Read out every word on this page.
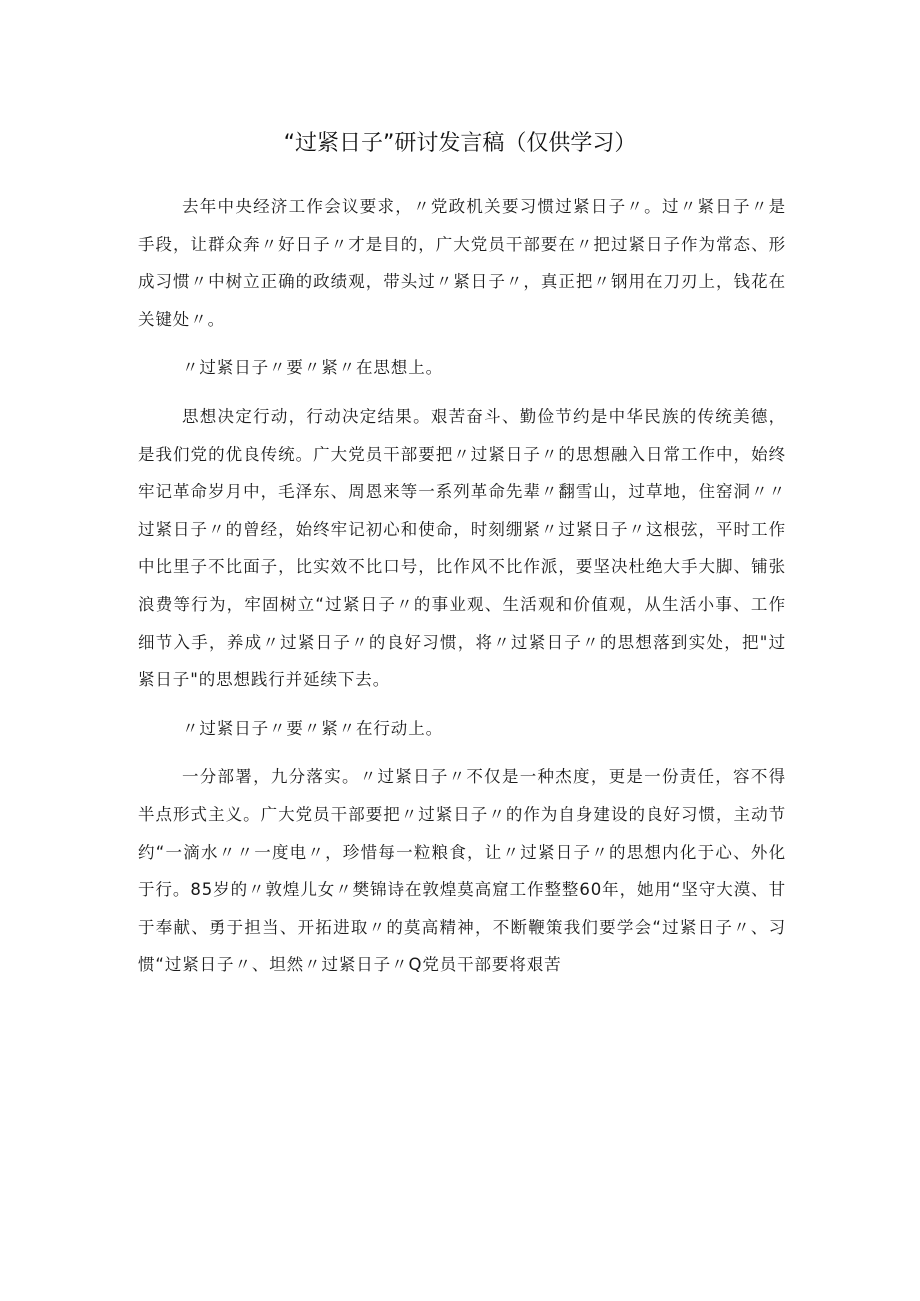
“过紧日子”研讨发言稿（仅供学习）

去年中央经济工作会议要求，〃党政机关要习惯过紧日子〃。过〃紧日子〃是手段，让群众奔〃好日子〃才是目的，广大党员干部要在〃把过紧日子作为常态、形成习惯〃中树立正确的政绩观，带头过〃紧日子〃，真正把〃钢用在刀刃上，钱花在关键处〃。

〃过紧日子〃要〃紧〃在思想上。

思想决定行动，行动决定结果。艰苦奋斗、勤俭节约是中华民族的传统美德，是我们党的优良传统。广大党员干部要把〃过紧日子〃的思想融入日常工作中，始终牢记革命岁月中，毛泽东、周恩来等一系列革命先辈〃翻雪山，过草地，住窑洞〃〃过紧日子〃的曾经，始终牢记初心和使命，时刻绷紧〃过紧日子〃这根弦，平时工作中比里子不比面子，比实效不比口号，比作风不比作派，要坚决杜绝大手大脚、铺张浪费等行为，牢固树立“过紧日子〃的事业观、生活观和价值观，从生活小事、工作细节入手，养成〃过紧日子〃的良好习惯，将〃过紧日子〃的思想落到实处，把"过紧日子"的思想践行并延续下去。

〃过紧日子〃要〃紧〃在行动上。

一分部署，九分落实。〃过紧日子〃不仅是一种杰度，更是一份责任，容不得半点形式主义。广大党员干部要把〃过紧日子〃的作为自身建设的良好习惯，主动节约“一滴水〃〃一度电〃，珍惜每一粒粮食，让〃过紧日子〃的思想内化于心、外化于行。85岁的〃敦煌儿女〃樊锦诗在敦煌莫高窟工作整整60年，她用“坚守大漠、甘于奉献、勇于担当、开拓进取〃的莫高精神，不断鞭策我们要学会“过紧日子〃、习惯“过紧日子〃、坦然〃过紧日子〃Q党员干部要将艰苦
